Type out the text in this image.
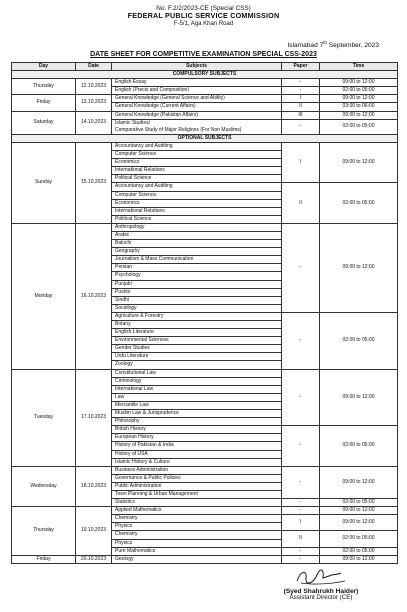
No. F.2/2/2023-CE (Special CSS)
FEDERAL PUBLIC SERVICE COMMISSION
F-5/1, Aga Khan Road
Islamabad 7th September, 2023
DATE SHEET FOR COMPETITIVE EXAMINATION SPECIAL CSS-2023
Day	Date	Subjects	Paper	Time
COMPULSORY SUBJECTS				
Thursday	12.10.2023	English Essay	-	09:00 to 12:00
		English (Precis and Composition)	-	02:00 to 05:00
Friday	13.10.2023	General Knowledge (General Science and Ability)	I	09:00 to 12:00
		General Knowledge (Current Affairs)	II	03:00 to 06:00
Saturday	14.10.2023	General Knowledge (Pakistan Affairs)	III	09:00 to 12:00
		Islamic Studies/
Comparative Study of Major Religions (For Non Muslims)	-	02:00 to 05:00
OPTIONAL SUBJECTS				
Sunday	15.10.2023	Accountancy and Auditing	I	09:00 to 12:00
		Computer Science		
		Economics		
		International Relations		
		Political Science		
		Accountancy and Auditing	II	02:00 to 05:00
		Computer Science		
		Economics		
		International Relations		
		Political Science		
Monday	16.10.2023	Anthropology	-	09:00 to 12:00
		Arabic		
		Balochi		
		Geography		
		Journalism & Mass Communication		
		Persian		
		Psychology		
		Punjabi		
		Pushto		
		Sindhi		
		Sociology		
		Agriculture & Forestry	-	02:00 to 05:00
		Botany		
		English Literature		
		Environmental Sciences		
		Gender Studies		
		Urdu Literature		
		Zoology		
Tuesday	17.10.2023	Constitutional Law	-	09:00 to 12:00
		Criminology		
		International Law		
		Law		
		Mercantile Law		
		Muslim Law & Jurisprudence		
		Philosophy		
		British History	-	02:00 to 05:00
		European History		
		History of Pakistan & India		
		History of USA		
		Islamic History & Culture		
Wednesday	18.10.2023	Business Administration	-	09:00 to 12:00
		Governance & Public Policies		
		Public Administration		
		Town Planning & Urban Management		
		Statistics	-	02:00 to 05:00
Thursday	19.10.2023	Applied Mathematics	-	09:00 to 12:00
		Chemistry	I	09:00 to 12:00
		Physics		
		Chemistry	II	02:00 to 05:00
		Physics		
		Pure Mathematics	-	02:00 to 05:00
Friday	20.10.2023	Geology	-	09:00 to 12:00
(Syed Shahrukh Haider)
Assistant Director (CE)
